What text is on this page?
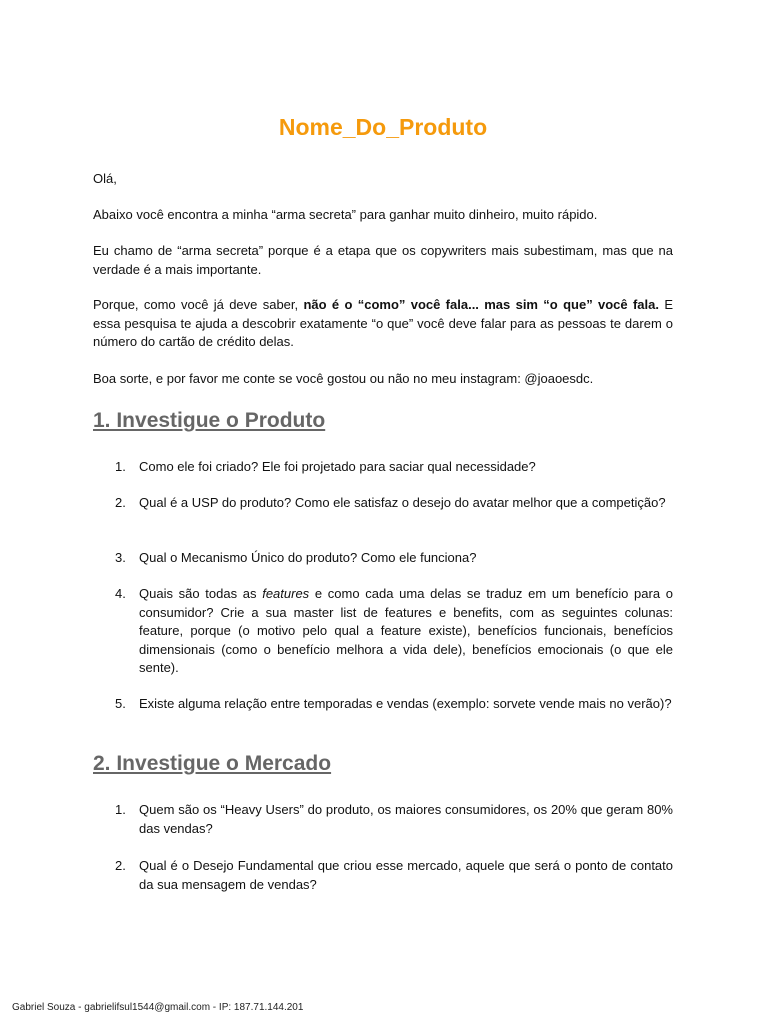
Nome_Do_Produto

Olá,

Abaixo você encontra a minha “arma secreta” para ganhar muito dinheiro, muito rápido.

Eu chamo de “arma secreta” porque é a etapa que os copywriters mais subestimam, mas que na verdade é a mais importante.

Porque, como você já deve saber, não é o “como” você fala... mas sim “o que” você fala. E essa pesquisa te ajuda a descobrir exatamente “o que” você deve falar para as pessoas te darem o número do cartão de crédito delas.

Boa sorte, e por favor me conte se você gostou ou não no meu instagram: @joaoesdc.

1. Investigue o Produto
1.	Como ele foi criado? Ele foi projetado para saciar qual necessidade?
2.	Qual é a USP do produto? Como ele satisfaz o desejo do avatar melhor que a competição?
3.	Qual o Mecanismo Único do produto? Como ele funciona?
4.	Quais são todas as features e como cada uma delas se traduz em um benefício para o consumidor? Crie a sua master list de features e benefits, com as seguintes colunas: feature, porque (o motivo pelo qual a feature existe), benefícios funcionais, benefícios dimensionais (como o benefício melhora a vida dele), benefícios emocionais (o que ele sente).
5.	Existe alguma relação entre temporadas e vendas (exemplo: sorvete vende mais no verão)?
2. Investigue o Mercado
1.	Quem são os “Heavy Users” do produto, os maiores consumidores, os 20% que geram 80% das vendas?
2.	Qual é o Desejo Fundamental que criou esse mercado, aquele que será o ponto de contato da sua mensagem de vendas?
Gabriel Souza - gabrielifsul1544@gmail.com - IP: 187.71.144.201
